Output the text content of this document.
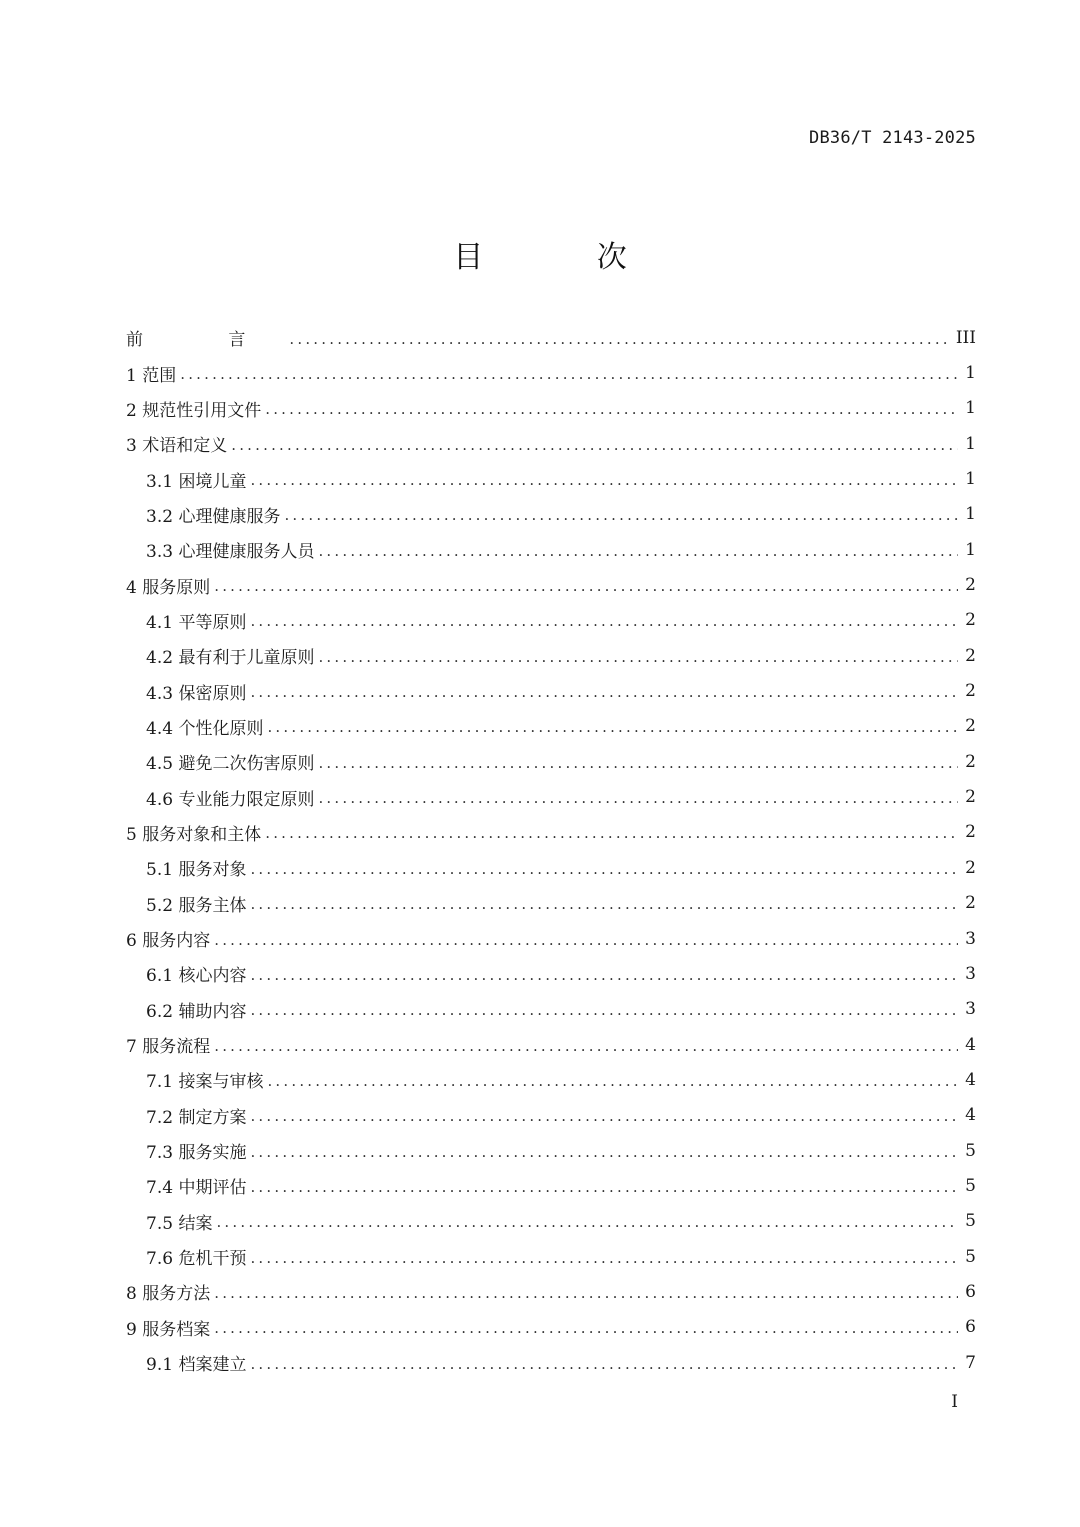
DB36/T 2143-2025
目 次
前 言 .....	III
1 范围 .....	1
2 规范性引用文件 .....	1
3 术语和定义 .....	1
3.1 困境儿童 .....	1
3.2 心理健康服务 .....	1
3.3 心理健康服务人员 .....	1
4 服务原则 .....	2
4.1 平等原则 .....	2
4.2 最有利于儿童原则 .....	2
4.3 保密原则 .....	2
4.4 个性化原则 .....	2
4.5 避免二次伤害原则 .....	2
4.6 专业能力限定原则 .....	2
5 服务对象和主体 .....	2
5.1 服务对象 .....	2
5.2 服务主体 .....	2
6 服务内容 .....	3
6.1 核心内容 .....	3
6.2 辅助内容 .....	3
7 服务流程 .....	4
7.1 接案与审核 .....	4
7.2 制定方案 .....	4
7.3 服务实施 .....	5
7.4 中期评估 .....	5
7.5 结案 .....	5
7.6 危机干预 .....	5
8 服务方法 .....	6
9 服务档案 .....	6
9.1 档案建立 .....	7
I
